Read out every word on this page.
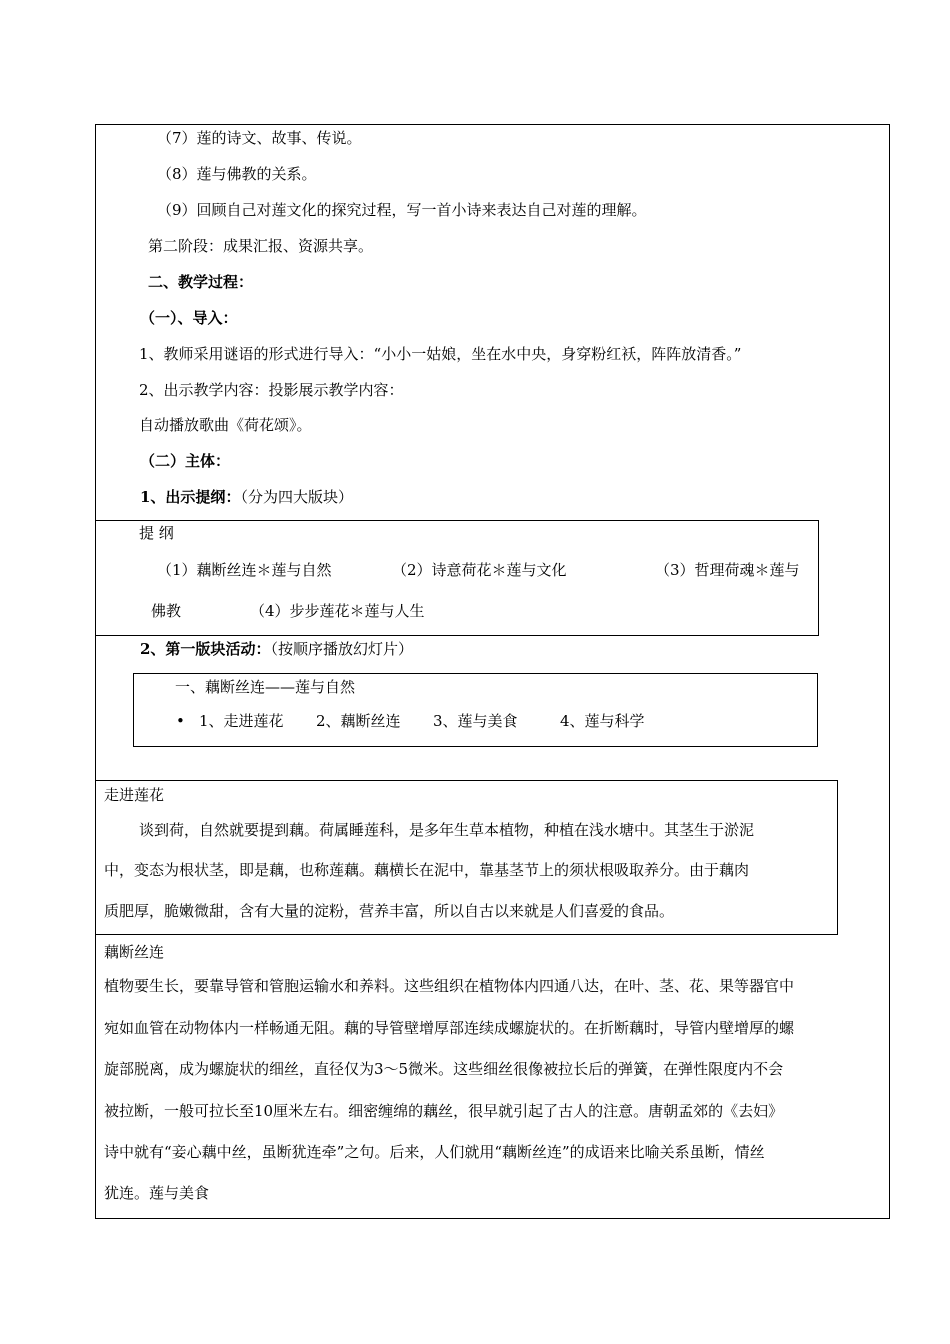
（7）莲的诗文、故事、传说。
（8）莲与佛教的关系。
（9）回顾自己对莲文化的探究过程，写一首小诗来表达自己对莲的理解。
第二阶段：成果汇报、资源共享。
二、教学过程：
（一）、导入：
1、教师采用谜语的形式进行导入：“小小一姑娘，坐在水中央，身穿粉红袄，阵阵放清香。”
2、出示教学内容：投影展示教学内容：
自动播放歌曲《荷花颂》。
（二）主体：
1、出示提纲：（分为四大版块）
提 纲
（1）藕断丝连＊莲与自然	（2）诗意荷花＊莲与文化	（3）哲理荷魂＊莲与
佛教	（4）步步莲花＊莲与人生
2、第一版块活动：（按顺序播放幻灯片）
一、藕断丝连——莲与自然
• 1、走进莲花 2、藕断丝连 3、莲与美食	4、莲与科学
走进莲花
谈到荷，自然就要提到藕。荷属睡莲科，是多年生草本植物，种植在浅水塘中。其茎生于淤泥
中，变态为根状茎，即是藕，也称莲藕。藕横长在泥中，靠基茎节上的须状根吸取养分。由于藕肉
质肥厚，脆嫩微甜，含有大量的淀粉，营养丰富，所以自古以来就是人们喜爱的食品。
藕断丝连
植物要生长，要靠导管和管胞运输水和养料。这些组织在植物体内四通八达，在叶、茎、花、果等器官中
宛如血管在动物体内一样畅通无阻。藕的导管壁增厚部连续成螺旋状的。在折断藕时，导管内壁增厚的螺
旋部脱离，成为螺旋状的细丝，直径仅为3～5微米。这些细丝很像被拉长后的弹簧，在弹性限度内不会
被拉断，一般可拉长至10厘米左右。细密缠绵的藕丝，很早就引起了古人的注意。唐朝孟郊的《去妇》
诗中就有“妾心藕中丝，虽断犹连牵”之句。后来，人们就用“藕断丝连”的成语来比喻关系虽断，情丝
犹连。莲与美食
